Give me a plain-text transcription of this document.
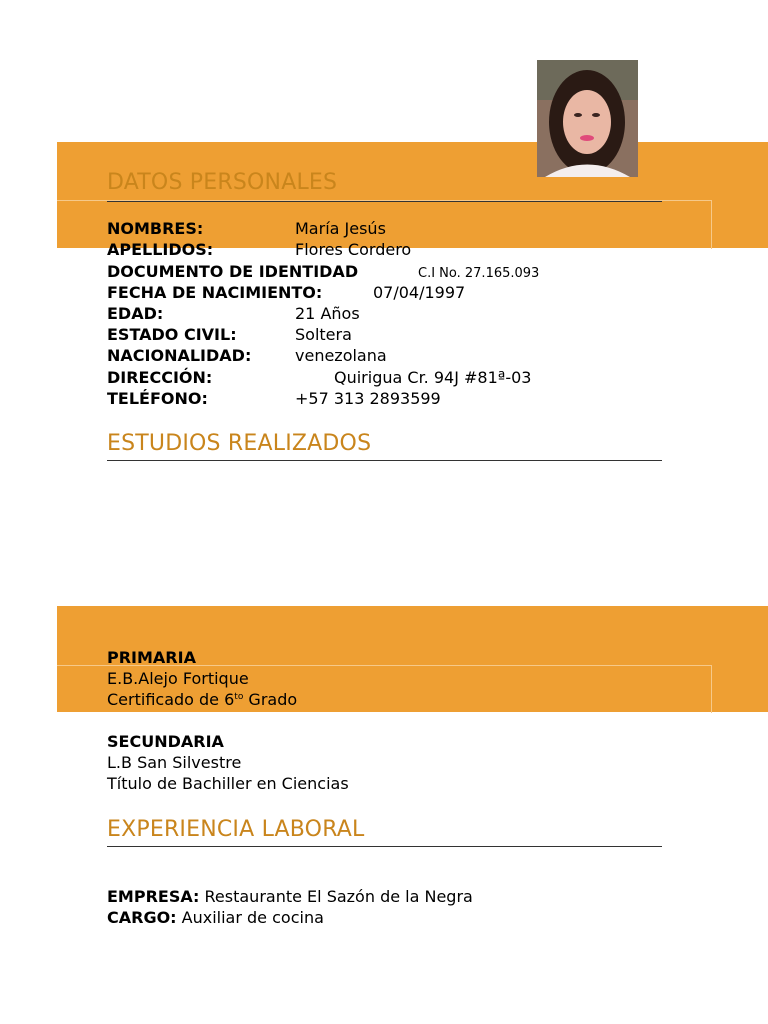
DATOS PERSONALES
NOMBRES:	María Jesús
APELLIDOS:	Flores Cordero
DOCUMENTO DE IDENTIDAD	C.I No. 27.165.093
FECHA DE NACIMIENTO:	07/04/1997
EDAD:	21 Años
ESTADO CIVIL:	Soltera
NACIONALIDAD:	venezolana
DIRECCIÓN:	Quirigua Cr. 94J #81ª-03
TELÉFONO:	+57 313 2893599
ESTUDIOS REALIZADOS
PRIMARIA
E.B.Alejo Fortique
Certificado de $6^{to}$ Grado
SECUNDARIA
L.B San Silvestre
Título de Bachiller en Ciencias
EXPERIENCIA LABORAL
EMPRESA: Restaurante El Sazón de la Negra
CARGO: Auxiliar de cocina
